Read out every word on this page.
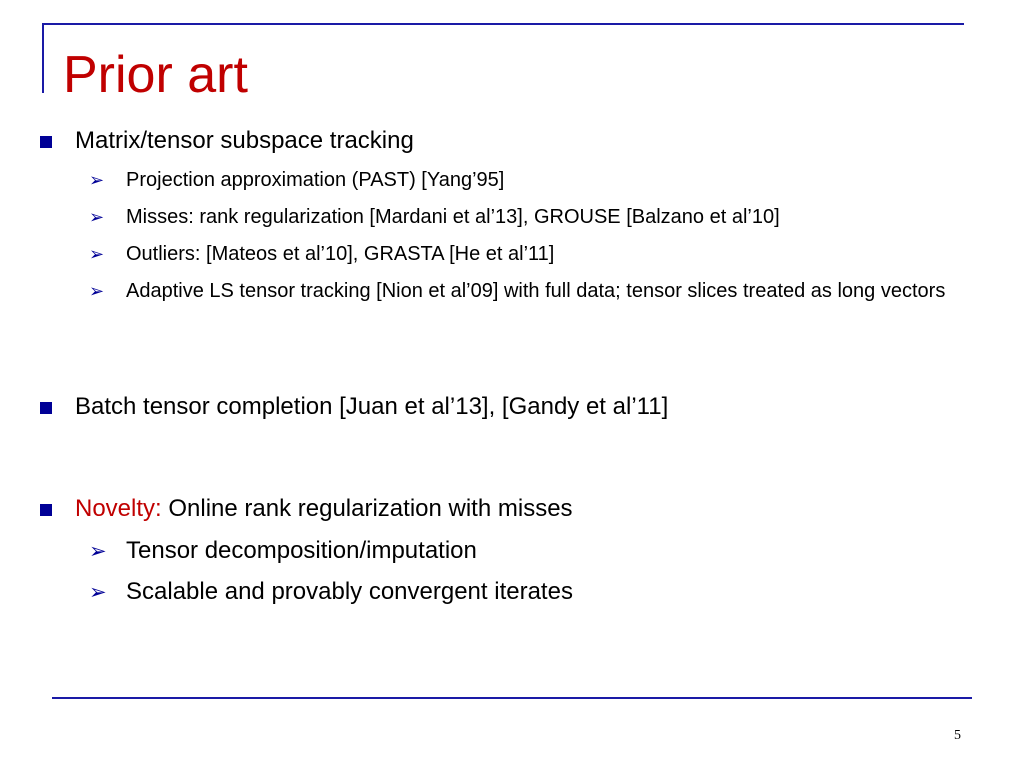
Prior art
Matrix/tensor subspace tracking
➢ Projection approximation (PAST) [Yang’95]
➢ Misses: rank regularization [Mardani et al’13], GROUSE [Balzano et al’10]
➢ Outliers: [Mateos et al’10], GRASTA [He et al’11]
➢ Adaptive LS tensor tracking [Nion et al’09] with full data; tensor slices treated as long vectors
Batch tensor completion [Juan et al’13], [Gandy et al’11]
Novelty: Online rank regularization with misses
➢ Tensor decomposition/imputation
➢ Scalable and provably convergent iterates
5
